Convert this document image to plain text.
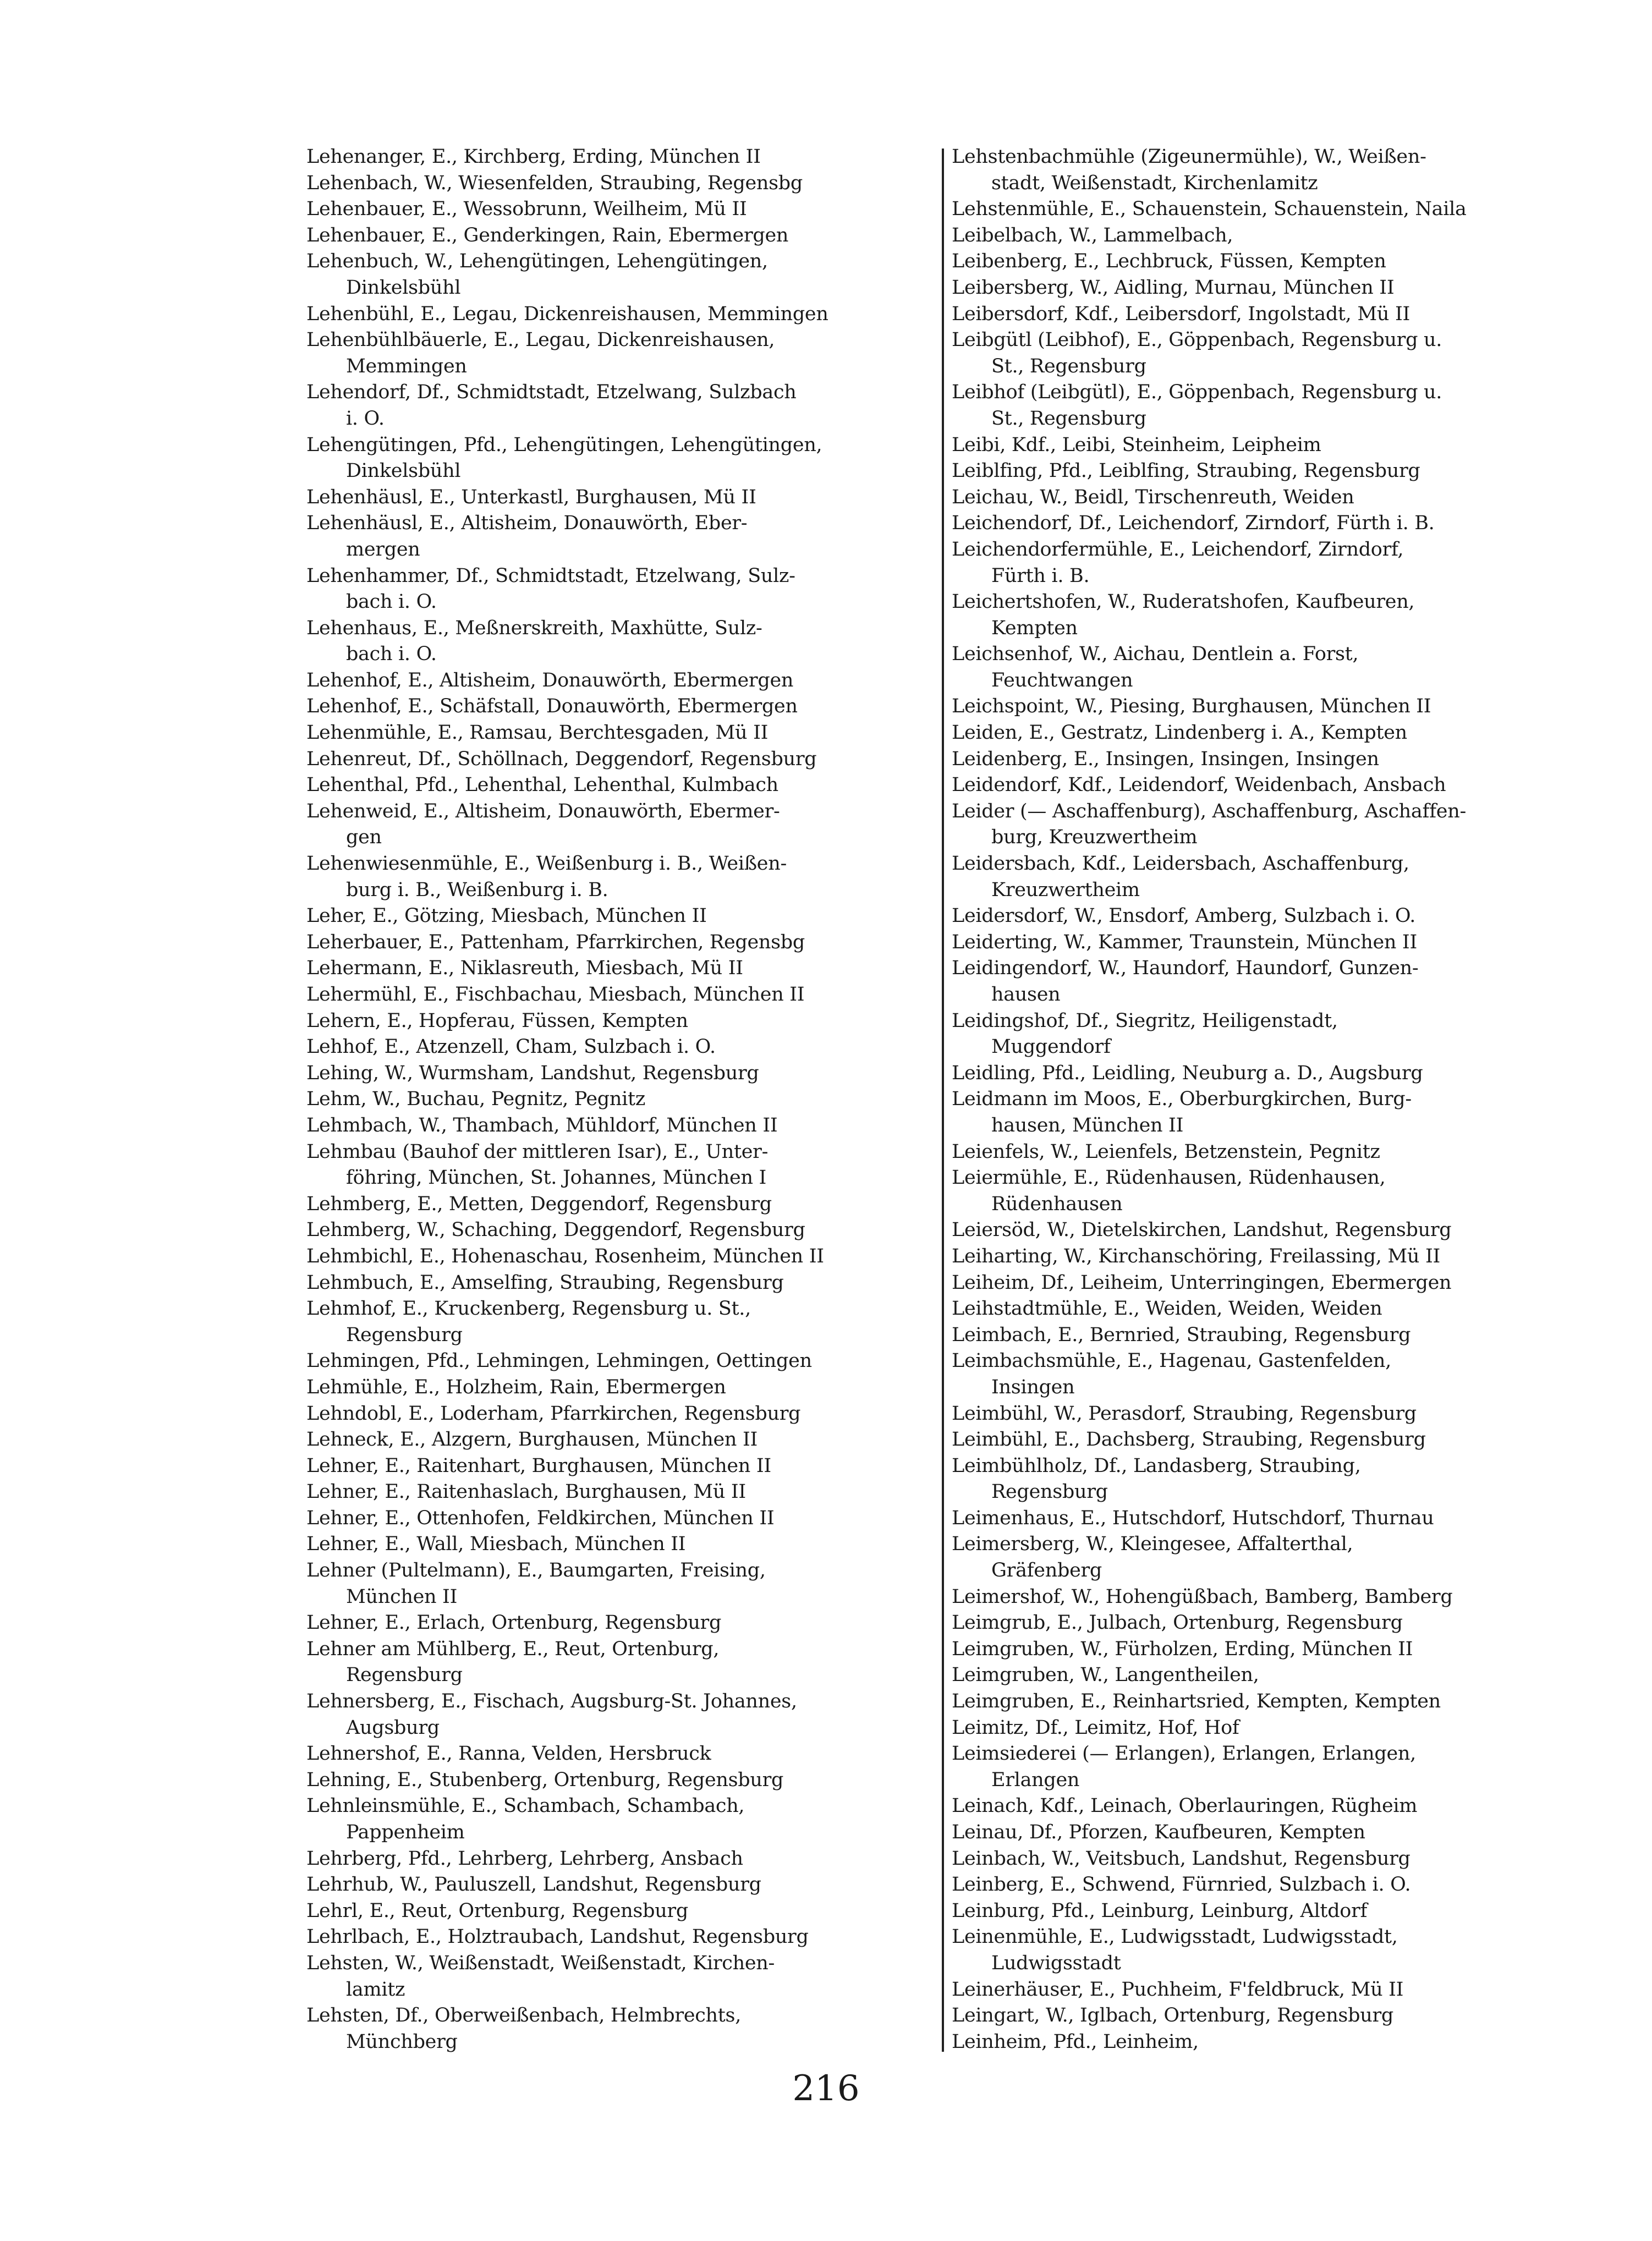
Lehenanger, E., Kirchberg, Erding, München II
Lehenbach, W., Wiesenfelden, Straubing, Regensbg
Lehenbauer, E., Wessobrunn, Weilheim, Mü II
Lehenbauer, E., Genderkingen, Rain, Ebermergen
Lehenbuch, W., Lehengütingen, Lehengütingen,
Dinkelsbühl
Lehenbühl, E., Legau, Dickenreishausen, Memmingen
Lehenbühlbäuerle, E., Legau, Dickenreishausen,
Memmingen
Lehendorf, Df., Schmidtstadt, Etzelwang, Sulzbach
i. O.
Lehengütingen, Pfd., Lehengütingen, Lehengütingen,
Dinkelsbühl
Lehenhäusl, E., Unterkastl, Burghausen, Mü II
Lehenhäusl, E., Altisheim, Donauwörth, Eber-
mergen
Lehenhammer, Df., Schmidtstadt, Etzelwang, Sulz-
bach i. O.
Lehenhaus, E., Meßnerskreith, Maxhütte, Sulz-
bach i. O.
Lehenhof, E., Altisheim, Donauwörth, Ebermergen
Lehenhof, E., Schäfstall, Donauwörth, Ebermergen
Lehenmühle, E., Ramsau, Berchtesgaden, Mü II
Lehenreut, Df., Schöllnach, Deggendorf, Regensburg
Lehenthal, Pfd., Lehenthal, Lehenthal, Kulmbach
Lehenweid, E., Altisheim, Donauwörth, Ebermer-
gen
Lehenwiesenmühle, E., Weißenburg i. B., Weißen-
burg i. B., Weißenburg i. B.
Leher, E., Götzing, Miesbach, München II
Leherbauer, E., Pattenham, Pfarrkirchen, Regensbg
Lehermann, E., Niklasreuth, Miesbach, Mü II
Lehermühl, E., Fischbachau, Miesbach, München II
Lehern, E., Hopferau, Füssen, Kempten
Lehhof, E., Atzenzell, Cham, Sulzbach i. O.
Lehing, W., Wurmsham, Landshut, Regensburg
Lehm, W., Buchau, Pegnitz, Pegnitz
Lehmbach, W., Thambach, Mühldorf, München II
Lehmbau (Bauhof der mittleren Isar), E., Unter-
föhring, München, St. Johannes, München I
Lehmberg, E., Metten, Deggendorf, Regensburg
Lehmberg, W., Schaching, Deggendorf, Regensburg
Lehmbichl, E., Hohenaschau, Rosenheim, München II
Lehmbuch, E., Amselfing, Straubing, Regensburg
Lehmhof, E., Kruckenberg, Regensburg u. St.,
Regensburg
Lehmingen, Pfd., Lehmingen, Lehmingen, Oettingen
Lehmühle, E., Holzheim, Rain, Ebermergen
Lehndobl, E., Loderham, Pfarrkirchen, Regensburg
Lehneck, E., Alzgern, Burghausen, München II
Lehner, E., Raitenhart, Burghausen, München II
Lehner, E., Raitenhaslach, Burghausen, Mü II
Lehner, E., Ottenhofen, Feldkirchen, München II
Lehner, E., Wall, Miesbach, München II
Lehner (Pultelmann), E., Baumgarten, Freising,
München II
Lehner, E., Erlach, Ortenburg, Regensburg
Lehner am Mühlberg, E., Reut, Ortenburg,
Regensburg
Lehnersberg, E., Fischach, Augsburg-St. Johannes,
Augsburg
Lehnershof, E., Ranna, Velden, Hersbruck
Lehning, E., Stubenberg, Ortenburg, Regensburg
Lehnleinsmühle, E., Schambach, Schambach,
Pappenheim
Lehrberg, Pfd., Lehrberg, Lehrberg, Ansbach
Lehrhub, W., Pauluszell, Landshut, Regensburg
Lehrl, E., Reut, Ortenburg, Regensburg
Lehrlbach, E., Holztraubach, Landshut, Regensburg
Lehsten, W., Weißenstadt, Weißenstadt, Kirchen-
lamitz
Lehsten, Df., Oberweißenbach, Helmbrechts,
Münchberg
Lehstenbachmühle (Zigeunermühle), W., Weißen-
stadt, Weißenstadt, Kirchenlamitz
Lehstenmühle, E., Schauenstein, Schauenstein, Naila
Leibelbach, W., Lammelbach,
Leibenberg, E., Lechbruck, Füssen, Kempten
Leibersberg, W., Aidling, Murnau, München II
Leibersdorf, Kdf., Leibersdorf, Ingolstadt, Mü II
Leibgütl (Leibhof), E., Göppenbach, Regensburg u.
St., Regensburg
Leibhof (Leibgütl), E., Göppenbach, Regensburg u.
St., Regensburg
Leibi, Kdf., Leibi, Steinheim, Leipheim
Leiblfing, Pfd., Leiblfing, Straubing, Regensburg
Leichau, W., Beidl, Tirschenreuth, Weiden
Leichendorf, Df., Leichendorf, Zirndorf, Fürth i. B.
Leichendorfermühle, E., Leichendorf, Zirndorf,
Fürth i. B.
Leichertshofen, W., Ruderatshofen, Kaufbeuren,
Kempten
Leichsenhof, W., Aichau, Dentlein a. Forst,
Feuchtwangen
Leichspoint, W., Piesing, Burghausen, München II
Leiden, E., Gestratz, Lindenberg i. A., Kempten
Leidenberg, E., Insingen, Insingen, Insingen
Leidendorf, Kdf., Leidendorf, Weidenbach, Ansbach
Leider (— Aschaffenburg), Aschaffenburg, Aschaffen-
burg, Kreuzwertheim
Leidersbach, Kdf., Leidersbach, Aschaffenburg,
Kreuzwertheim
Leidersdorf, W., Ensdorf, Amberg, Sulzbach i. O.
Leiderting, W., Kammer, Traunstein, München II
Leidingendorf, W., Haundorf, Haundorf, Gunzen-
hausen
Leidingshof, Df., Siegritz, Heiligenstadt,
Muggendorf
Leidling, Pfd., Leidling, Neuburg a. D., Augsburg
Leidmann im Moos, E., Oberburgkirchen, Burg-
hausen, München II
Leienfels, W., Leienfels, Betzenstein, Pegnitz
Leiermühle, E., Rüdenhausen, Rüdenhausen,
Rüdenhausen
Leiersöd, W., Dietelskirchen, Landshut, Regensburg
Leiharting, W., Kirchanschöring, Freilassing, Mü II
Leiheim, Df., Leiheim, Unterringingen, Ebermergen
Leihstadtmühle, E., Weiden, Weiden, Weiden
Leimbach, E., Bernried, Straubing, Regensburg
Leimbachsmühle, E., Hagenau, Gastenfelden,
Insingen
Leimbühl, W., Perasdorf, Straubing, Regensburg
Leimbühl, E., Dachsberg, Straubing, Regensburg
Leimbühlholz, Df., Landasberg, Straubing,
Regensburg
Leimenhaus, E., Hutschdorf, Hutschdorf, Thurnau
Leimersberg, W., Kleingesee, Affalterthal,
Gräfenberg
Leimershof, W., Hohengüßbach, Bamberg, Bamberg
Leimgrub, E., Julbach, Ortenburg, Regensburg
Leimgruben, W., Fürholzen, Erding, München II
Leimgruben, W., Langentheilen,
Leimgruben, E., Reinhartsried, Kempten, Kempten
Leimitz, Df., Leimitz, Hof, Hof
Leimsiederei (— Erlangen), Erlangen, Erlangen,
Erlangen
Leinach, Kdf., Leinach, Oberlauringen, Rügheim
Leinau, Df., Pforzen, Kaufbeuren, Kempten
Leinbach, W., Veitsbuch, Landshut, Regensburg
Leinberg, E., Schwend, Fürnried, Sulzbach i. O.
Leinburg, Pfd., Leinburg, Leinburg, Altdorf
Leinenmühle, E., Ludwigsstadt, Ludwigsstadt,
Ludwigsstadt
Leinerhäuser, E., Puchheim, F'feldbruck, Mü II
Leingart, W., Iglbach, Ortenburg, Regensburg
Leinheim, Pfd., Leinheim,
216
